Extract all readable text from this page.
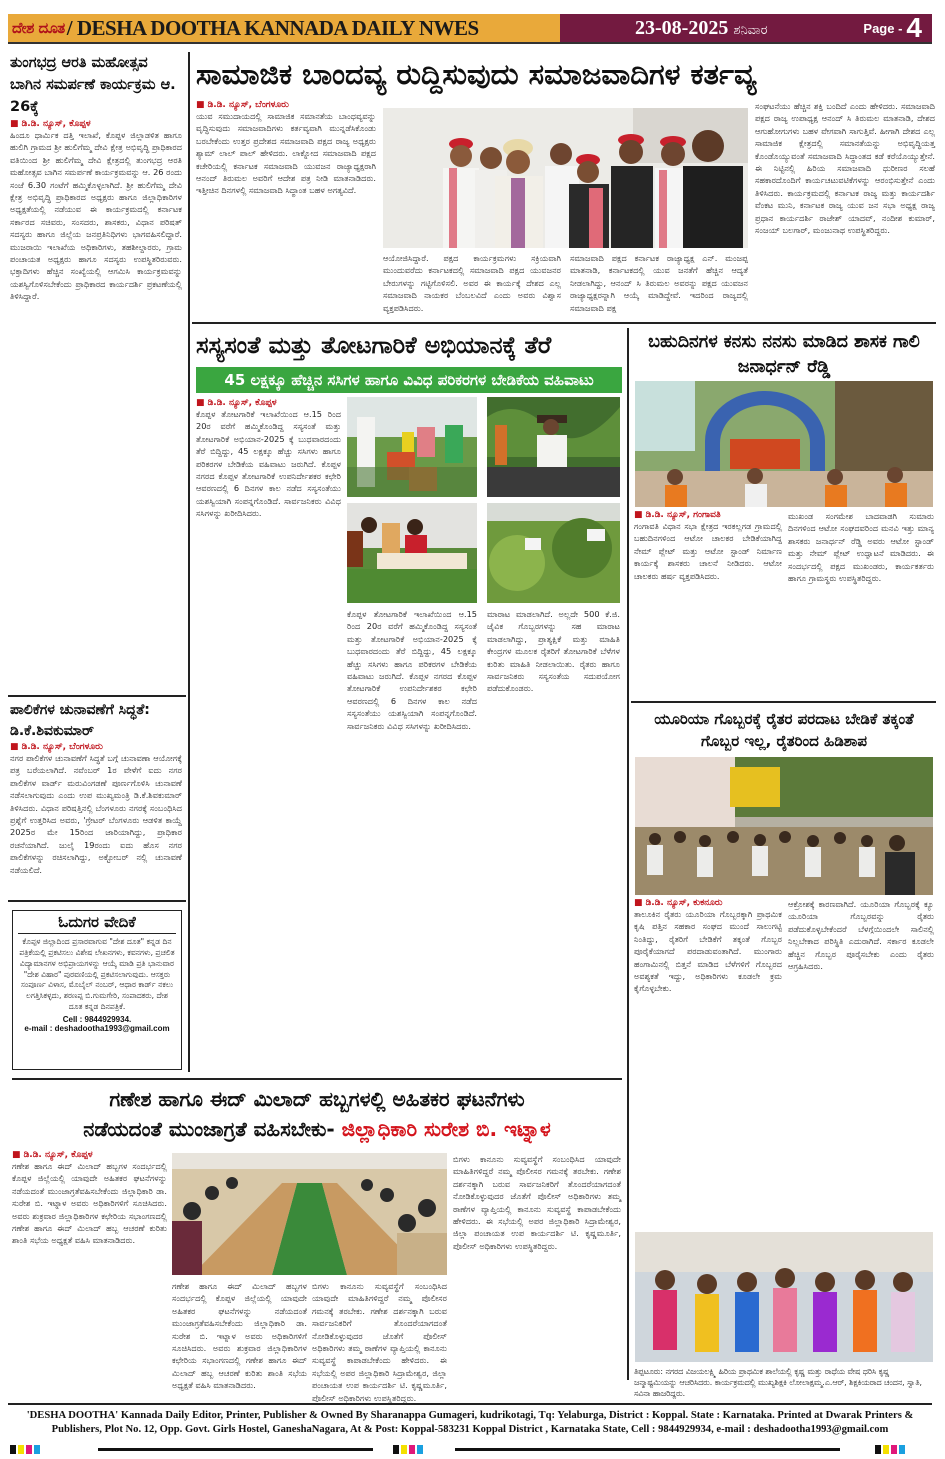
ದೇಶ ದೂತ / DESHA DOOTHA KANNADA DAILY NWES	23-08-2025 ಶನಿವಾರ	Page - 4
ತುಂಗಭದ್ರ ಆರತಿ ಮಹೋತ್ಸವ ಬಾಗಿನ ಸಮರ್ಪಣೆ ಕಾರ್ಯಕ್ರಮ ಆ. 26ಕ್ಕೆ
■ ಡಿ.ಡಿ. ನ್ಯೂಸ್, ಕೊಪ್ಪಳ
ಹಿಂದೂ ಧಾರ್ಮಿಕ ದತ್ತಿ ಇಲಾಖೆ, ಕೊಪ್ಪಳ ಜಿಲ್ಲಾಡಳಿತ ಹಾಗೂ ಹುಲಿಗಿ ಗ್ರಾಮದ ಶ್ರೀ ಹುಲಿಗೆಮ್ಮ ದೇವಿ ಕ್ಷೇತ್ರ ಅಭಿವೃದ್ಧಿ ಪ್ರಾಧಿಕಾರದ ವತಿಯಿಂದ ಶ್ರೀ ಹುಲಿಗೆಮ್ಮ ದೇವಿ ಕ್ಷೇತ್ರದಲ್ಲಿ ತುಂಗಭದ್ರ ಆರತಿ ಮಹೋತ್ಸವ ಬಾಗಿನ ಸಮರ್ಪಣೆ ಕಾರ್ಯಕ್ರಮವನ್ನು ಆ. 26 ರಂದು ಸಂಜೆ 6.30 ಗಂಟೆಗೆ ಹಮ್ಮಿಕೊಳ್ಳಲಾಗಿದೆ. ಶ್ರೀ ಹುಲಿಗೆಮ್ಮ ದೇವಿ ಕ್ಷೇತ್ರ ಅಭಿವೃದ್ಧಿ ಪ್ರಾಧಿಕಾರದ ಅಧ್ಯಕ್ಷರು ಹಾಗೂ ಜಿಲ್ಲಾಧಿಕಾರಿಗಳ ಅಧ್ಯಕ್ಷತೆಯಲ್ಲಿ ನಡೆಯುವ ಈ ಕಾರ್ಯಕ್ರಮದಲ್ಲಿ ಕರ್ನಾಟಕ ಸರ್ಕಾರದ ಸಚಿವರು, ಸಂಸದರು, ಶಾಸಕರು, ವಿಧಾನ ಪರಿಷತ್ ಸದಸ್ಯರು ಹಾಗೂ ಜಿಲ್ಲೆಯ ಜನಪ್ರತಿನಿಧಿಗಳು ಭಾಗವಹಿಸಲಿದ್ದಾರೆ. ಮುಜರಾಯಿ ಇಲಾಖೆಯ ಅಧಿಕಾರಿಗಳು, ತಹಶೀಲ್ದಾರರು, ಗ್ರಾಮ ಪಂಚಾಯತ ಅಧ್ಯಕ್ಷರು ಹಾಗೂ ಸದಸ್ಯರು ಉಪಸ್ಥಿತರಿರುವರು. ಭಕ್ತಾದಿಗಳು ಹೆಚ್ಚಿನ ಸಂಖ್ಯೆಯಲ್ಲಿ ಆಗಮಿಸಿ ಕಾರ್ಯಕ್ರಮವನ್ನು ಯಶಸ್ವಿಗೊಳಿಸಬೇಕೆಂದು ಪ್ರಾಧಿಕಾರದ ಕಾರ್ಯದರ್ಶಿ ಪ್ರಕಟಣೆಯಲ್ಲಿ ತಿಳಿಸಿದ್ದಾರೆ.
ಪಾಲಿಕೆಗಳ ಚುನಾವಣೆಗೆ ಸಿದ್ಧತೆ: ಡಿ.ಕೆ.ಶಿವಕುಮಾರ್
■ ಡಿ.ಡಿ. ನ್ಯೂಸ್, ಬೆಂಗಳೂರು
ನಗರ ಪಾಲಿಕೆಗಳ ಚುನಾವಣೆಗೆ ಸಿದ್ಧತೆ ಬಗ್ಗೆ ಚುನಾವಣಾ ಆಯೋಗಕ್ಕೆ ಪತ್ರ ಬರೆಯಲಾಗಿದೆ. ನವೆಂಬರ್ 1ರ ವೇಳೆಗೆ ಐದು ನಗರ ಪಾಲಿಕೆಗಳ ವಾರ್ಡ್ ಮರುವಿಂಗಡಣೆ ಪೂರ್ಣಗೊಳಿಸಿ ಚುನಾವಣೆ ನಡೆಸಲಾಗುವುದು ಎಂದು ಉಪ ಮುಖ್ಯಮಂತ್ರಿ ಡಿ.ಕೆ.ಶಿವಕುಮಾರ್ ತಿಳಿಸಿದರು. ವಿಧಾನ ಪರಿಷತ್ತಿನಲ್ಲಿ ಬೆಂಗಳೂರು ನಗರಕ್ಕೆ ಸಂಬಂಧಿಸಿದ ಪ್ರಶ್ನೆಗೆ ಉತ್ತರಿಸಿದ ಅವರು, 'ಗ್ರೇಟರ್ ಬೆಂಗಳೂರು ಆಡಳಿತ ಕಾಯ್ದೆ 2025ರ ಮೇ 15ರಿಂದ ಜಾರಿಯಾಗಿದ್ದು, ಪ್ರಾಧಿಕಾರ ರಚನೆಯಾಗಿದೆ. ಜುಲೈ 19ರಂದು ಐದು ಹೊಸ ನಗರ ಪಾಲಿಕೆಗಳನ್ನು ರಚಿಸಲಾಗಿದ್ದು, ಅಕ್ಟೋಬರ್ ನಲ್ಲಿ ಚುನಾವಣೆ ನಡೆಯಲಿದೆ.
ಓದುಗರ ವೇದಿಕೆ
ಕೊಪ್ಪಳ ಜಿಲ್ಲಾದಿಂದ ಪ್ರಸಾರವಾಗುವ "ದೇಶ ದೂತ" ಕನ್ನಡ ದಿನ ಪತ್ರಿಕೆಯಲ್ಲಿ ಪ್ರಕಟಿಸಲು ವಿಶೇಷ ಲೇಖನಗಳು, ಕವನಗಳು, ಪ್ರಚಲಿತ ವಿದ್ಯಾಮಾನಗಳ ಅಭಿಪ್ರಾಯಗಳನ್ನು ಆಯ್ಕೆ ಮಾಡಿ ಪ್ರತಿ ಭಾನುವಾರ "ದೇಶ ವಿಹಾರ" ಪುರವಣಿಯಲ್ಲಿ ಪ್ರಕಟಿಸಲಾಗುವುದು. ಆಸಕ್ತರು ಸಂಪೂರ್ಣ ವಿಳಾಸ, ಮೊಬೈಲ್ ನಂಬರ್, ಆಧಾರ ಕಾರ್ಡ್ ನಕಲು ಲಗತ್ತಿಸಿಕಳ್ಳದು, ಶರಣಪ್ಪ ಬಿ.ಗುಮಗೇರಿ, ಸಂಪಾದಕರು, ದೇಶ ದೂತ ಕನ್ನಡ ದಿನಪತ್ರಿಕೆ.
Cell : 9844929934.
e-mail : deshadootha1993@gmail.com
ಸಾಮಾಜಿಕ ಬಾಂದವ್ಯ ರುದ್ದಿಸುವುದು ಸಮಾಜವಾದಿಗಳ ಕರ್ತವ್ಯ
■ ಡಿ.ಡಿ. ನ್ಯೂಸ್, ಬೆಂಗಳೂರು
ಯುವ ಸಮುದಾಯದಲ್ಲಿ ಸಾಮಾಜಿಕ ಸಮಾನತೆಯ ಬಾಂಧವ್ಯವನ್ನು ವೃದ್ಧಿಸುವುದು ಸಮಾಜವಾದಿಗಳು ಕರ್ತವ್ಯವಾಗಿ ಮುನ್ನಡೆಸಿಕೊಂಡು ಬರಬೇಕೆಂದು ಉತ್ತರ ಪ್ರದೇಶದ ಸಮಾಜವಾದಿ ಪಕ್ಷದ ರಾಜ್ಯ ಅಧ್ಯಕ್ಷರು ಶ್ಯಾಮ್ ಲಾಲ್ ಪಾಲ್ ಹೇಳಿದರು. ಲಾಕ್ನೋದ ಸಮಾಜವಾದಿ ಪಕ್ಷದ ಕಚೇರಿಯಲ್ಲಿ ಕರ್ನಾಟಕ ಸಮಾಜವಾದಿ ಯುವಜನ ರಾಜ್ಯಾಧ್ಯಕ್ಷರಾಗಿ ಆನಂದ್ ತಿರುಮಲ ಅವರಿಗೆ ಆದೇಶ ಪತ್ರ ನೀಡಿ ಮಾತನಾಡಿದರು. ಇತ್ತೀಚಿನ ದಿನಗಳಲ್ಲಿ ಸಮಾಜವಾದಿ ಸಿದ್ಧಾಂತ ಬಹಳ ಅಗತ್ಯವಿದೆ.
ಆಯೋಜಿಸಿದ್ದಾರೆ. ಪಕ್ಷದ ಕಾರ್ಯಕ್ರಮಗಳು ಸಕ್ರಿಯವಾಗಿ ಮುಂದುವರೆದು ಕರ್ನಾಟಕದಲ್ಲಿ ಸಮಾಜವಾದಿ ಪಕ್ಷದ ಯುವಜನರ ಬೇರುಗಳನ್ನು ಗಟ್ಟಿಗೊಳಿಸಲಿ. ಅವರ ಈ ಕಾರ್ಯಕ್ಕೆ ದೇಶದ ಎಲ್ಲ ಸಮಾಜವಾದಿ ನಾಯಕರ ಬೆಂಬಲವಿದೆ ಎಂದು ಅವರು ವಿಶ್ವಾಸ ವ್ಯಕ್ತಪಡಿಸಿದರು.
ಸಮಾಜವಾದಿ ಪಕ್ಷದ ಕರ್ನಾಟಕ ರಾಜ್ಯಾಧ್ಯಕ್ಷ ಎನ್. ಮಂಜಪ್ಪ ಮಾತನಾಡಿ, ಕರ್ನಾಟಕದಲ್ಲಿ ಯುವ ಜನತೆಗೆ ಹೆಚ್ಚಿನ ಆದ್ಯತೆ ನೀಡಲಾಗಿದ್ದು, ಆನಂದ್ ಸಿ ತಿರುಮಲ ಅವರನ್ನು ಪಕ್ಷದ ಯುವಜನ ರಾಜ್ಯಾಧ್ಯಕ್ಷರನ್ನಾಗಿ ಆಯ್ಕೆ ಮಾಡಿದ್ದೇವೆ. ಇದರಿಂದ ರಾಜ್ಯದಲ್ಲಿ ಸಮಾಜವಾದಿ ಪಕ್ಷ
ಸಂಘಟನೆಯು ಹೆಚ್ಚಿನ ಶಕ್ತಿ ಬಂದಿದೆ ಎಂದು ಹೇಳಿದರು. ಸಮಾಜವಾದಿ ಪಕ್ಷದ ರಾಜ್ಯ ಉಪಾಧ್ಯಕ್ಷ ಆನಂದ್ ಸಿ ತಿರುಮಲ ಮಾತನಾಡಿ, ದೇಶದ ಆಗುಹೋಗುಗಳು ಬಹಳ ವೇಗವಾಗಿ ಸಾಗುತ್ತಿವೆ. ಹೀಗಾಗಿ ದೇಶದ ಎಲ್ಲ ಸಾಮಾಜಿಕ ಕ್ಷೇತ್ರದಲ್ಲಿ ಸಮಾನತೆಯನ್ನು ಅಭಿವೃದ್ಧಿಯತ್ತ ಕೊಂಡೊಯ್ಯುವಂತೆ ಸಮಾಜವಾದಿ ಸಿದ್ಧಾಂತದ ಕಡೆ ಕರೆಯೊಯ್ಯುತ್ತೇನೆ. ಈ ನಿಟ್ಟಿನಲ್ಲಿ ಹಿರಿಯ ಸಮಾಜವಾದಿ ಧುರೀಣರ ಸಲಹೆ ಸಹಕಾರದೊಂದಿಗೆ ಕಾರ್ಯಚಟುವಟಿಕೆಗಳನ್ನು ಆರಂಭಿಸುತ್ತೇನೆ ಎಂದು ತಿಳಿಸಿದರು. ಕಾರ್ಯಕ್ರಮದಲ್ಲಿ ಕರ್ನಾಟಕ ರಾಜ್ಯ ಮತ್ತು ಕಾರ್ಯದರ್ಶಿ ವೆಂಕಟ ಮುನಿ, ಕರ್ನಾಟಕ ರಾಜ್ಯ ಯುವ ಜನ ಸಭಾ ಅಧ್ಯಕ್ಷ ರಾಜ್ಯ ಪ್ರಧಾನ ಕಾರ್ಯದರ್ಶಿ ರಾಜೇಶ್ ಯಾದವ್, ನಂದೀಶ ಕುಮಾರ್, ಸಂಜಯ್ ಬಲಗಾರ್, ಮಂಜುನಾಥ ಉಪಸ್ಥಿತರಿದ್ದರು.
ಸಸ್ಯಸಂತೆ ಮತ್ತು ತೋಟಗಾರಿಕೆ ಅಭಿಯಾನಕ್ಕೆ ತೆರೆ
45 ಲಕ್ಷಕ್ಕೂ ಹೆಚ್ಚಿನ ಸಸಿಗಳ ಹಾಗೂ ವಿವಿಧ ಪರಿಕರಗಳ ಬೇಡಿಕೆಯ ವಹಿವಾಟು
■ ಡಿ.ಡಿ. ನ್ಯೂಸ್, ಕೊಪ್ಪಳ
ಕೊಪ್ಪಳ ತೋಟಗಾರಿಕೆ ಇಲಾಖೆಯಿಂದ ಆ.15 ರಿಂದ 20ರ ವರೆಗೆ ಹಮ್ಮಿಕೊಂಡಿದ್ದ ಸಸ್ಯಸಂತೆ ಮತ್ತು ತೋಟಗಾರಿಕೆ ಅಭಿಯಾನ-2025 ಕ್ಕೆ ಬುಧವಾರದಂದು ತೆರೆ ಬಿದ್ದಿದ್ದು, 45 ಲಕ್ಷಕ್ಕೂ ಹೆಚ್ಚು ಸಸಿಗಳು ಹಾಗೂ ಪರಿಕರಗಳ ಬೇಡಿಕೆಯ ವಹಿವಾಟು ಜರುಗಿದೆ. ಕೊಪ್ಪಳ ನಗರದ ಕೊಪ್ಪಳ ತೋಟಗಾರಿಕೆ ಉಪನಿರ್ದೇಶಕರ ಕಛೇರಿ ಆವರಣದಲ್ಲಿ 6 ದಿನಗಳ ಕಾಲ ನಡೆದ ಸಸ್ಯಸಂತೆಯು ಯಶಸ್ವಿಯಾಗಿ ಸಂಪನ್ನಗೊಂಡಿದೆ. ಸಾರ್ವಜನಿಕರು ವಿವಿಧ ಸಸಿಗಳನ್ನು ಖರೀದಿಸಿದರು.
ಕೊಪ್ಪಳ ತೋಟಗಾರಿಕೆ ಇಲಾಖೆಯಿಂದ ಆ.15 ರಿಂದ 20ರ ವರೆಗೆ ಹಮ್ಮಿಕೊಂಡಿದ್ದ ಸಸ್ಯಸಂತೆ ಮತ್ತು ತೋಟಗಾರಿಕೆ ಅಭಿಯಾನ-2025 ಕ್ಕೆ ಬುಧವಾರದಂದು ತೆರೆ ಬಿದ್ದಿದ್ದು, 45 ಲಕ್ಷಕ್ಕೂ ಹೆಚ್ಚು ಸಸಿಗಳು ಹಾಗೂ ಪರಿಕರಗಳ ಬೇಡಿಕೆಯ ವಹಿವಾಟು ಜರುಗಿದೆ. ಕೊಪ್ಪಳ ನಗರದ ಕೊಪ್ಪಳ ತೋಟಗಾರಿಕೆ ಉಪನಿರ್ದೇಶಕರ ಕಛೇರಿ ಆವರಣದಲ್ಲಿ 6 ದಿನಗಳ ಕಾಲ ನಡೆದ ಸಸ್ಯಸಂತೆಯು ಯಶಸ್ವಿಯಾಗಿ ಸಂಪನ್ನಗೊಂಡಿದೆ. ಸಾರ್ವಜನಿಕರು ವಿವಿಧ ಸಸಿಗಳನ್ನು ಖರೀದಿಸಿದರು.
ಮಾರಾಟ ಮಾಡಲಾಗಿದೆ. ಅಲ್ಲದೇ 500 ಕೆ.ಜಿ. ಜೈವಿಕ ಗೊಬ್ಬರಗಳನ್ನು ಸಹ ಮಾರಾಟ ಮಾಡಲಾಗಿದ್ದು, ಪ್ರಾತ್ಯಕ್ಷಿಕೆ ಮತ್ತು ಮಾಹಿತಿ ಕೇಂದ್ರಗಳ ಮೂಲಕ ರೈತರಿಗೆ ತೋಟಗಾರಿಕೆ ಬೆಳೆಗಳ ಕುರಿತು ಮಾಹಿತಿ ನೀಡಲಾಯಿತು. ರೈತರು ಹಾಗೂ ಸಾರ್ವಜನಿಕರು ಸಸ್ಯಸಂತೆಯ ಸದುಪಯೋಗ ಪಡೆದುಕೊಂಡರು.
ಬಹುದಿನಗಳ ಕನಸು ನನಸು ಮಾಡಿದ ಶಾಸಕ ಗಾಲಿ ಜನಾರ್ಧನ್ ರೆಡ್ಡಿ
■ ಡಿ.ಡಿ. ನ್ಯೂಸ್, ಗಂಗಾವತಿ
ಗಂಗಾವತಿ ವಿಧಾನ ಸಭಾ ಕ್ಷೇತ್ರದ ಇರಕಲ್ಲಗಡ ಗ್ರಾಮದಲ್ಲಿ ಬಹುದಿನಗಳಿಂದ ಆಟೋ ಚಾಲಕರ ಬೇಡಿಕೆಯಾಗಿದ್ದ ನೇಮ್ ಪ್ಲೇಟ್ ಮತ್ತು ಆಟೋ ಸ್ಟಾಂಡ್ ನಿರ್ಮಾಣ ಕಾರ್ಯಕ್ಕೆ ಶಾಸಕರು ಚಾಲನೆ ನೀಡಿದರು. ಆಟೋ ಚಾಲಕರು ಹರ್ಷ ವ್ಯಕ್ತಪಡಿಸಿದರು.
ಮುಖಂಡ ಸಂಗಮೇಶ ಬಾದವಾಡಗಿ ಸುಮಾರು ದಿನಗಳಿಂದ ಆಟೋ ಸಂಘದವರಿಂದ ಮನವಿ ಇತ್ತು ಮಾನ್ಯ ಶಾಸಕರು ಜನಾರ್ಧನ್ ರೆಡ್ಡಿ ಅವರು ಆಟೋ ಸ್ಟಾಂಡ್ ಮತ್ತು ನೇಮ್ ಪ್ಲೇಟ್ ಉದ್ಘಾಟನೆ ಮಾಡಿದರು. ಈ ಸಂದರ್ಭದಲ್ಲಿ ಪಕ್ಷದ ಮುಖಂಡರು, ಕಾರ್ಯಕರ್ತರು ಹಾಗೂ ಗ್ರಾಮಸ್ಥರು ಉಪಸ್ಥಿತರಿದ್ದರು.
ಯೂರಿಯಾ ಗೊಬ್ಬರಕ್ಕೆ ರೈತರ ಪರದಾಟ ಬೇಡಿಕೆ ತಕ್ಕಂತೆ ಗೊಬ್ಬರ ಇಲ್ಲ, ರೈತರಿಂದ ಹಿಡಿಶಾಪ
■ ಡಿ.ಡಿ. ನ್ಯೂಸ್, ಕುಕನೂರು
ತಾಲೂಕಿನ ರೈತರು ಯೂರಿಯಾ ಗೊಬ್ಬರಕ್ಕಾಗಿ ಪ್ರಾಥಮಿಕ ಕೃಷಿ ಪತ್ತಿನ ಸಹಕಾರ ಸಂಘದ ಮುಂದೆ ಸಾಲುಗಟ್ಟಿ ನಿಂತಿದ್ದು, ರೈತರಿಗೆ ಬೇಡಿಕೆಗೆ ತಕ್ಕಂತೆ ಗೊಬ್ಬರ ಪೂರೈಕೆಯಾಗದೆ ಪರದಾಡುವಂತಾಗಿದೆ. ಮುಂಗಾರು ಹಂಗಾಮಿನಲ್ಲಿ ಬಿತ್ತನೆ ಮಾಡಿದ ಬೆಳೆಗಳಿಗೆ ಗೊಬ್ಬರದ ಅವಶ್ಯಕತೆ ಇದ್ದು, ಅಧಿಕಾರಿಗಳು ಕೂಡಲೇ ಕ್ರಮ ಕೈಗೊಳ್ಳಬೇಕು.
ಆಕ್ರೋಶಕ್ಕೆ ಕಾರಣವಾಗಿದೆ. ಯೂರಿಯಾ ಗೊಬ್ಬರಕ್ಕೆ ಕ್ಯೂ ಯೂರಿಯಾ ಗೊಬ್ಬರವನ್ನು ರೈತರು ಪಡೆದುಕೊಳ್ಳಬೇಕೆಂದರೆ ಬೆಳಗ್ಗೆಯಿಂದಲೇ ಸಾಲಿನಲ್ಲಿ ನಿಲ್ಲಬೇಕಾದ ಪರಿಸ್ಥಿತಿ ಎದುರಾಗಿದೆ. ಸರ್ಕಾರ ಕೂಡಲೇ ಹೆಚ್ಚಿನ ಗೊಬ್ಬರ ಪೂರೈಸಬೇಕು ಎಂದು ರೈತರು ಆಗ್ರಹಿಸಿದರು.
ತಿಪ್ಪಟೂರು: ನಗರದ ವಿಜಯಲಕ್ಷ್ಮಿ ಹಿರಿಯ ಪ್ರಾಥಮಿಕ ಶಾಲೆಯಲ್ಲಿ ಕೃಷ್ಣ ಮತ್ತು ರಾಧೆಯ ವೇಷ ಧರಿಸಿ ಕೃಷ್ಣ ಜನ್ಮಾಷ್ಟಮಿಯನ್ನು ಆಚರಿಸಿದರು. ಕಾರ್ಯಕ್ರಮದಲ್ಲಿ ಮುಖ್ಯಶಿಕ್ಷಕಿ ಲೋಲಾಕ್ಷಮ್ಮ.ಎ.ಆರ್, ಶಿಕ್ಷಕಿಯರಾದ ಚಂದನ, ಸ್ವಾತಿ, ಸವಿನಾ ಹಾಜರಿದ್ದರು.
ಗಣೇಶ ಹಾಗೂ ಈದ್ ಮಿಲಾದ್ ಹಬ್ಬಗಳಲ್ಲಿ ಅಹಿತಕರ ಘಟನೆಗಳು
ನಡೆಯದಂತೆ ಮುಂಜಾಗ್ರತೆ ವಹಿಸಬೇಕು- ಜಿಲ್ಲಾಧಿಕಾರಿ ಸುರೇಶ ಬಿ. ಇಟ್ನಾಳ
■ ಡಿ.ಡಿ. ನ್ಯೂಸ್, ಕೊಪ್ಪಳ
ಗಣೇಶ ಹಾಗೂ ಈದ್ ಮಿಲಾದ್ ಹಬ್ಬಗಳ ಸಂದರ್ಭದಲ್ಲಿ ಕೊಪ್ಪಳ ಜಿಲ್ಲೆಯಲ್ಲಿ ಯಾವುದೇ ಅಹಿತಕರ ಘಟನೆಗಳನ್ನು ನಡೆಯದಂತೆ ಮುಂಜಾಗ್ರತೆವಹಿಸಬೇಕೆಂದು ಜಿಲ್ಲಾಧಿಕಾರಿ ಡಾ. ಸುರೇಶ ಬಿ. ಇಟ್ನಾಳ ಅವರು ಅಧಿಕಾರಿಗಳಿಗೆ ಸೂಚಿಸಿದರು. ಅವರು ಶುಕ್ರವಾರ ಜಿಲ್ಲಾಧಿಕಾರಿಗಳ ಕಛೇರಿಯ ಸಭಾಂಗಣದಲ್ಲಿ ಗಣೇಶ ಹಾಗೂ ಈದ್ ಮಿಲಾದ್ ಹಬ್ಬ ಆಚರಣೆ ಕುರಿತು ಶಾಂತಿ ಸಭೆಯ ಅಧ್ಯಕ್ಷತೆ ವಹಿಸಿ ಮಾತನಾಡಿದರು.
ಗಣೇಶ ಹಾಗೂ ಈದ್ ಮಿಲಾದ್ ಹಬ್ಬಗಳ ಸಂದರ್ಭದಲ್ಲಿ ಕೊಪ್ಪಳ ಜಿಲ್ಲೆಯಲ್ಲಿ ಯಾವುದೇ ಅಹಿತಕರ ಘಟನೆಗಳನ್ನು ನಡೆಯದಂತೆ ಮುಂಜಾಗ್ರತೆವಹಿಸಬೇಕೆಂದು ಜಿಲ್ಲಾಧಿಕಾರಿ ಡಾ. ಸುರೇಶ ಬಿ. ಇಟ್ನಾಳ ಅವರು ಅಧಿಕಾರಿಗಳಿಗೆ ಸೂಚಿಸಿದರು. ಅವರು ಶುಕ್ರವಾರ ಜಿಲ್ಲಾಧಿಕಾರಿಗಳ ಕಛೇರಿಯ ಸಭಾಂಗಣದಲ್ಲಿ ಗಣೇಶ ಹಾಗೂ ಈದ್ ಮಿಲಾದ್ ಹಬ್ಬ ಆಚರಣೆ ಕುರಿತು ಶಾಂತಿ ಸಭೆಯ ಅಧ್ಯಕ್ಷತೆ ವಹಿಸಿ ಮಾತನಾಡಿದರು.
ಬಿಗಳು ಕಾನೂನು ಸುವ್ಯವಸ್ಥೆಗೆ ಸಂಬಂಧಿಸಿದ ಯಾವುದೇ ಮಾಹಿತಿಗಳಿದ್ದರೆ ನಮ್ಮ ಪೊಲೀಸರ ಗಮನಕ್ಕೆ ತರಬೇಕು. ಗಣೇಶ ದರ್ಶನಕ್ಕಾಗಿ ಬರುವ ಸಾರ್ವಜನಿಕರಿಗೆ ತೊಂದರೆಯಾಗದಂತೆ ನೋಡಿಕೊಳ್ಳುವುದರ ಜೊತೆಗೆ ಪೊಲೀಸ್ ಅಧಿಕಾರಿಗಳು ತಮ್ಮ ಠಾಣೆಗಳ ವ್ಯಾಪ್ತಿಯಲ್ಲಿ ಕಾನೂನು ಸುವ್ಯವಸ್ಥೆ ಕಾಪಾಡಬೇಕೆಂದು ಹೇಳಿದರು. ಈ ಸಭೆಯಲ್ಲಿ ಅಪರ ಜಿಲ್ಲಾಧಿಕಾರಿ ಸಿದ್ರಾಮೇಶ್ವರ, ಜಿಲ್ಲಾ ಪಂಚಾಯತ ಉಪ ಕಾರ್ಯದರ್ಶಿ ಟಿ. ಕೃಷ್ಣಮೂರ್ತಿ, ಪೊಲೀಸ್ ಅಧಿಕಾರಿಗಳು ಉಪಸ್ಥಿತರಿದ್ದರು.
ಬಿಗಳು ಕಾನೂನು ಸುವ್ಯವಸ್ಥೆಗೆ ಸಂಬಂಧಿಸಿದ ಯಾವುದೇ ಮಾಹಿತಿಗಳಿದ್ದರೆ ನಮ್ಮ ಪೊಲೀಸರ ಗಮನಕ್ಕೆ ತರಬೇಕು. ಗಣೇಶ ದರ್ಶನಕ್ಕಾಗಿ ಬರುವ ಸಾರ್ವಜನಿಕರಿಗೆ ತೊಂದರೆಯಾಗದಂತೆ ನೋಡಿಕೊಳ್ಳುವುದರ ಜೊತೆಗೆ ಪೊಲೀಸ್ ಅಧಿಕಾರಿಗಳು ತಮ್ಮ ಠಾಣೆಗಳ ವ್ಯಾಪ್ತಿಯಲ್ಲಿ ಕಾನೂನು ಸುವ್ಯವಸ್ಥೆ ಕಾಪಾಡಬೇಕೆಂದು ಹೇಳಿದರು. ಈ ಸಭೆಯಲ್ಲಿ ಅಪರ ಜಿಲ್ಲಾಧಿಕಾರಿ ಸಿದ್ರಾಮೇಶ್ವರ, ಜಿಲ್ಲಾ ಪಂಚಾಯತ ಉಪ ಕಾರ್ಯದರ್ಶಿ ಟಿ. ಕೃಷ್ಣಮೂರ್ತಿ, ಪೊಲೀಸ್ ಅಧಿಕಾರಿಗಳು ಉಪಸ್ಥಿತರಿದ್ದರು.
'DESHA DOOTHA' Kannada Daily Editor, Printer, Publisher & Owned By Sharanappa Gumageri, kudrikotagi, Tq: Yelaburga, District : Koppal. State : Karnataka. Printed at Dwarak Printers & Publishers, Plot No. 12, Opp. Govt. Girls Hostel, GaneshaNagara, At & Post: Koppal-583231 Koppal District , Karnataka State, Cell : 9844929934, e-mail : deshadootha1993@gmail.com
